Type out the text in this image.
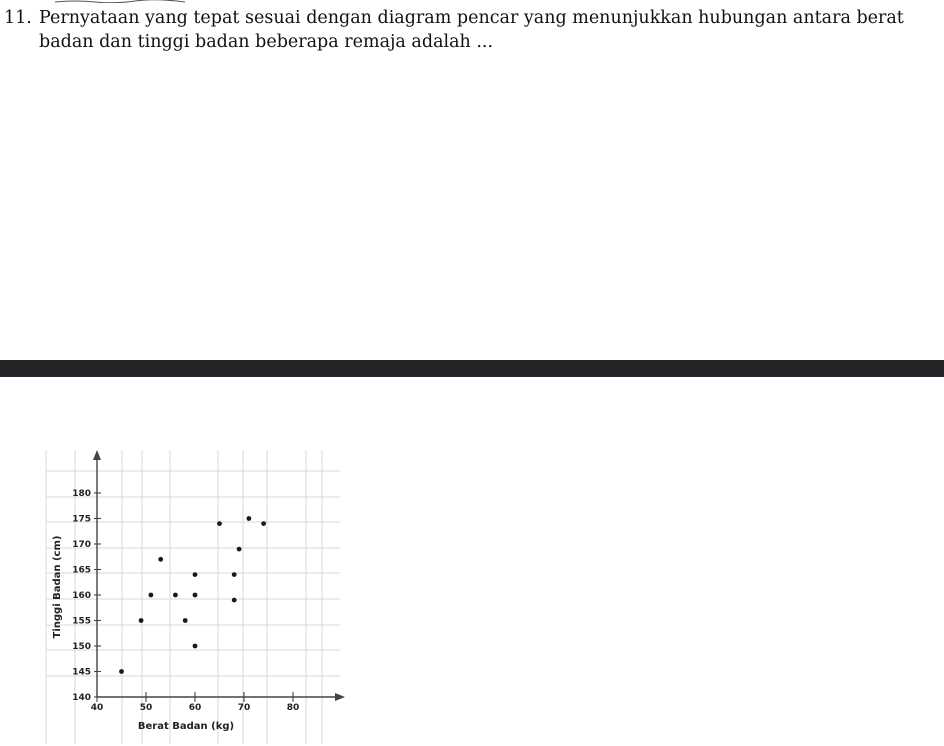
11. Pernyataan yang tepat sesuai dengan diagram pencar yang menunjukkan hubungan antara berat
badan dan tinggi badan beberapa remaja adalah ...
40	50	60	70	80
140
145
150
155
160
165
170
175
180
Berat Badan (kg)
Tinggi Badan (cm)
